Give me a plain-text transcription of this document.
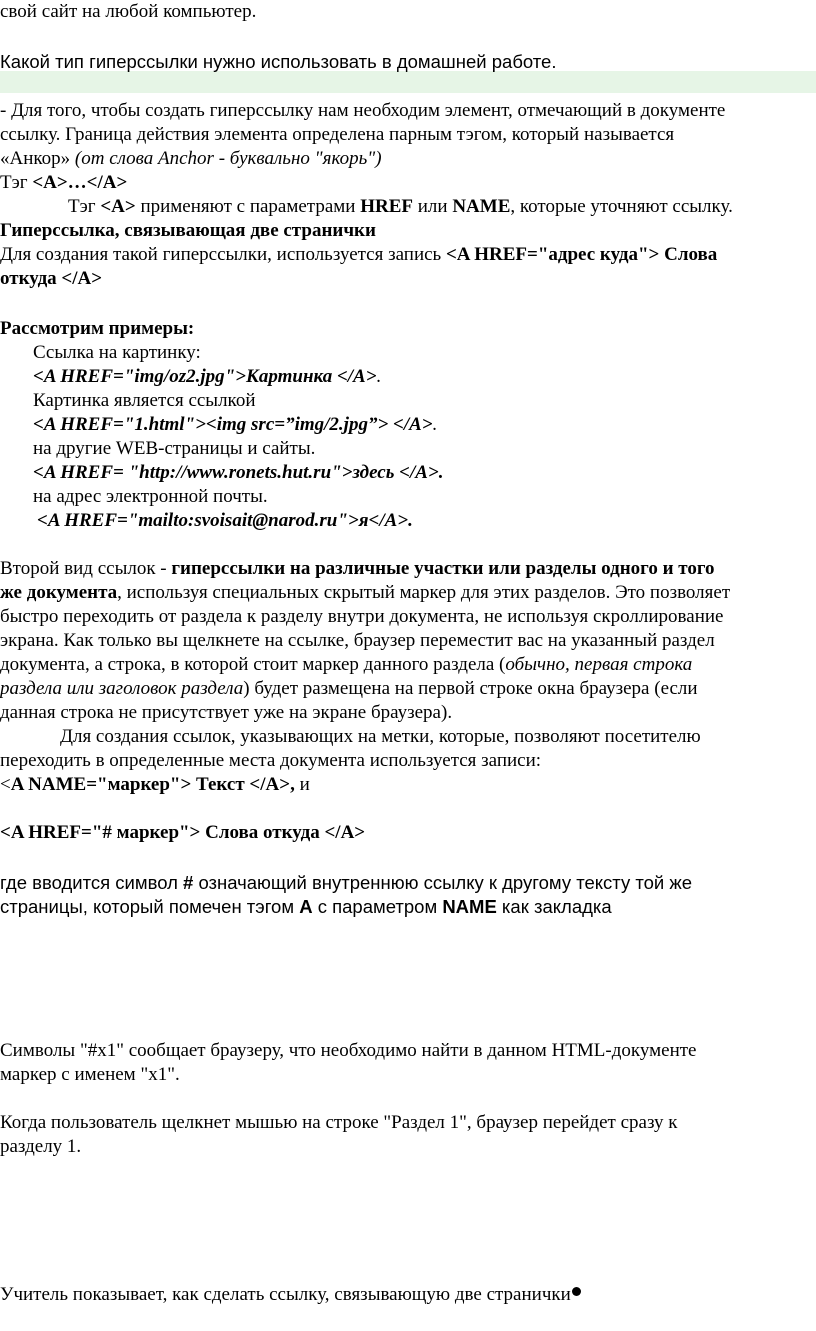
свой сайт на любой компьютер.
Какой тип гиперссылки нужно использовать в домашней работе.
- Для того, чтобы создать гиперссылку нам необходим элемент, отмечающий в документе
ссылку. Граница действия элемента определена парным тэгом, который называется
«Анкор» (от слова Anchor - буквально "якорь")
Тэг <A>…</A>
Тэг <A> применяют с параметрами HREF или NAME, которые уточняют ссылку.
Гиперссылка, связывающая две странички
Для создания такой гиперссылки, используется запись <A HREF="адрес куда"> Слова
откуда </A>
Рассмотрим примеры:
Ссылка на картинку:
<A HREF="img/oz2.jpg">Картинка </A>.
Картинка является ссылкой
<A HREF="1.html"><img src=”img/2.jpg”> </A>.
на другие WEB-страницы и сайты.
<A HREF= "http://www.ronets.hut.ru">здесь </A>.
на адрес электронной почты.
<A HREF="mailto:svoisait@narod.ru">я</A>.
Второй вид ссылок - гиперссылки на различные участки или разделы одного и того
же документа, используя специальных скрытый маркер для этих разделов. Это позволяет
быстро переходить от раздела к разделу внутри документа, не используя скроллирование
экрана. Как только вы щелкнете на ссылке, браузер переместит вас на указанный раздел
документа, а строка, в которой стоит маркер данного раздела (обычно, первая строка
раздела или заголовок раздела) будет размещена на первой строке окна браузера (если
данная строка не присутствует уже на экране браузера).
Для создания ссылок, указывающих на метки, которые, позволяют посетителю
переходить в определенные места документа используется записи:
<A NAME="маркер"> Текст </A>, и
<A HREF="# маркер"> Слова откуда </A>
где вводится символ # означающий внутреннюю ссылку к другому тексту той же
страницы, который помечен тэгом А с параметром NAME как закладка
Символы "#x1" сообщает браузеру, что необходимо найти в данном HTML-документе
маркер с именем "x1".
Когда пользователь щелкнет мышью на строке "Раздел 1", браузер перейдет сразу к
разделу 1.
Учитель показывает, как сделать ссылку, связывающую две странички
